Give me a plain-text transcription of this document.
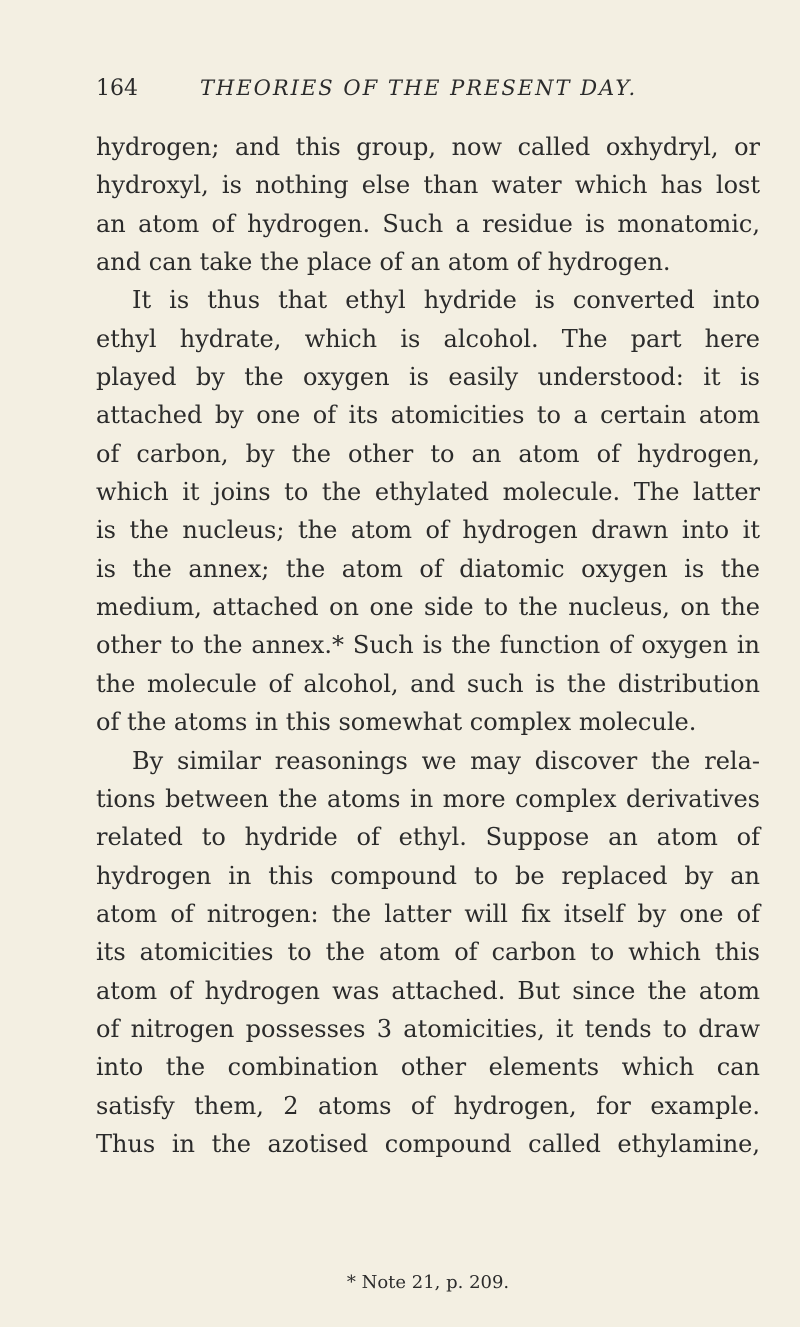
164	THEORIES OF THE PRESENT DAY.
hydrogen; and this group, now called oxhydryl, or
hydroxyl, is nothing else than water which has lost
an atom of hydrogen. Such a residue is monatomic,
and can take the place of an atom of hydrogen.
It is thus that ethyl hydride is converted into
ethyl hydrate, which is alcohol. The part here
played by the oxygen is easily understood: it is
attached by one of its atomicities to a certain atom
of carbon, by the other to an atom of hydrogen,
which it joins to the ethylated molecule. The latter
is the nucleus; the atom of hydrogen drawn into it
is the annex; the atom of diatomic oxygen is the
medium, attached on one side to the nucleus, on the
other to the annex.* Such is the function of oxygen in
the molecule of alcohol, and such is the distribution
of the atoms in this somewhat complex molecule.
By similar reasonings we may discover the rela-
tions between the atoms in more complex derivatives
related to hydride of ethyl. Suppose an atom of
hydrogen in this compound to be replaced by an
atom of nitrogen: the latter will fix itself by one of
its atomicities to the atom of carbon to which this
atom of hydrogen was attached. But since the atom
of nitrogen possesses 3 atomicities, it tends to draw
into the combination other elements which can
satisfy them, 2 atoms of hydrogen, for example.
Thus in the azotised compound called ethylamine,
* Note 21, p. 209.
